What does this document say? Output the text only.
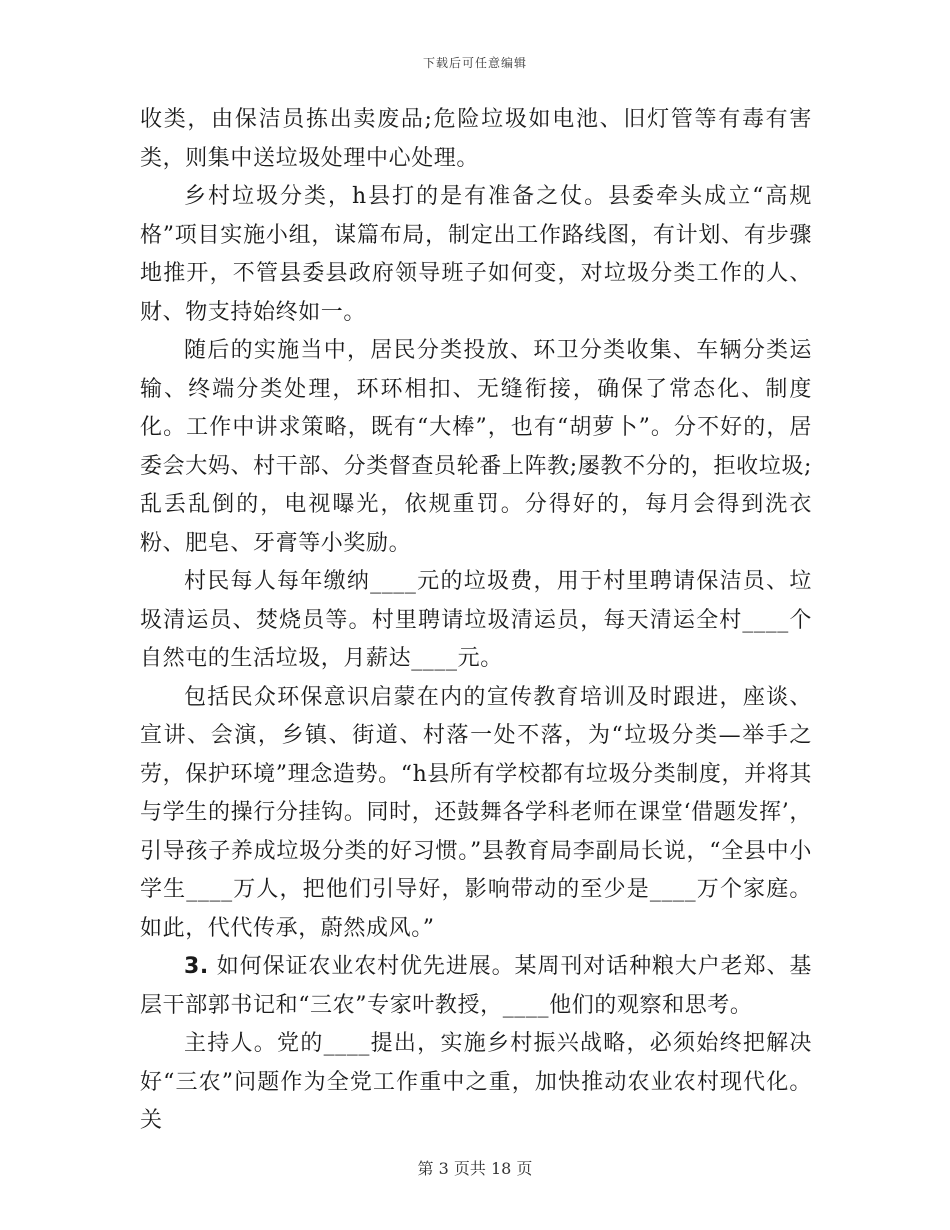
下载后可任意编辑

收类，由保洁员拣出卖废品;危险垃圾如电池、旧灯管等有毒有害类，则集中送垃圾处理中心处理。

乡村垃圾分类，h县打的是有准备之仗。县委牵头成立“高规格”项目实施小组，谋篇布局，制定出工作路线图，有计划、有步骤地推开，不管县委县政府领导班子如何变，对垃圾分类工作的人、财、物支持始终如一。

随后的实施当中，居民分类投放、环卫分类收集、车辆分类运输、终端分类处理，环环相扣、无缝衔接，确保了常态化、制度化。工作中讲求策略，既有“大棒”，也有“胡萝卜”。分不好的，居委会大妈、村干部、分类督查员轮番上阵教;屡教不分的，拒收垃圾;乱丢乱倒的，电视曝光，依规重罚。分得好的，每月会得到洗衣粉、肥皂、牙膏等小奖励。

村民每人每年缴纳____元的垃圾费，用于村里聘请保洁员、垃圾清运员、焚烧员等。村里聘请垃圾清运员，每天清运全村____个自然屯的生活垃圾，月薪达____元。

包括民众环保意识启蒙在内的宣传教育培训及时跟进，座谈、宣讲、会演，乡镇、街道、村落一处不落，为“垃圾分类—举手之劳，保护环境”理念造势。“h县所有学校都有垃圾分类制度，并将其与学生的操行分挂钩。同时，还鼓舞各学科老师在课堂‘借题发挥’，引导孩子养成垃圾分类的好习惯。”县教育局李副局长说，“全县中小学生____万人，把他们引导好，影响带动的至少是____万个家庭。如此，代代传承，蔚然成风。”

3. 如何保证农业农村优先进展。某周刊对话种粮大户老郑、基层干部郭书记和“三农”专家叶教授，____他们的观察和思考。

主持人。党的____提出，实施乡村振兴战略，必须始终把解决好“三农”问题作为全党工作重中之重，加快推动农业农村现代化。关

第 3 页共 18 页
